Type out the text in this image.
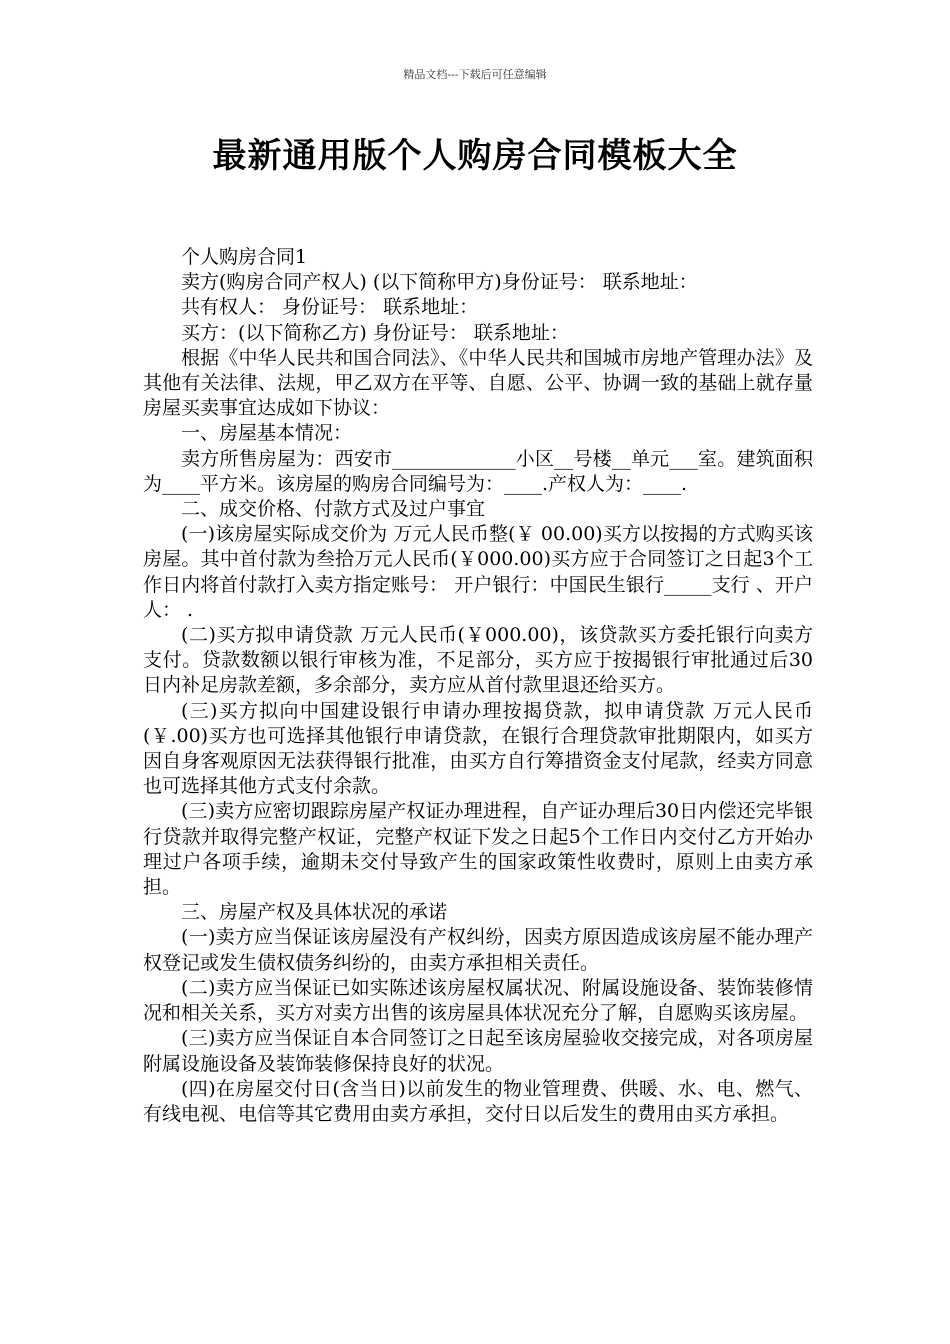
精品文档---下载后可任意编辑
最新通用版个人购房合同模板大全

个人购房合同1

卖方(购房合同产权人) (以下简称甲方)身份证号： 联系地址：

共有权人： 身份证号： 联系地址：

买方：(以下简称乙方) 身份证号： 联系地址：

根据《中华人民共和国合同法》、《中华人民共和国城市房地产管理办法》及其他有关法律、法规，甲乙双方在平等、自愿、公平、协调一致的基础上就存量房屋买卖事宜达成如下协议：

一、房屋基本情况：

卖方所售房屋为：西安市_____________小区__号楼__单元___室。建筑面积为____平方米。该房屋的购房合同编号为：____.产权人为：____.

二、成交价格、付款方式及过户事宜

(一)该房屋实际成交价为 万元人民币整(￥ 00.00)买方以按揭的方式购买该房屋。其中首付款为叁拾万元人民币(￥000.00)买方应于合同签订之日起3个工作日内将首付款打入卖方指定账号： 开户银行：中国民生银行_____支行 、开户人： .

(二)买方拟申请贷款 万元人民币(￥000.00)，该贷款买方委托银行向卖方支付。贷款数额以银行审核为准，不足部分，买方应于按揭银行审批通过后30日内补足房款差额，多余部分，卖方应从首付款里退还给买方。

(三)买方拟向中国建设银行申请办理按揭贷款，拟申请贷款 万元人民币(￥.00)买方也可选择其他银行申请贷款，在银行合理贷款审批期限内，如买方因自身客观原因无法获得银行批准，由买方自行筹措资金支付尾款，经卖方同意也可选择其他方式支付余款。

(三)卖方应密切跟踪房屋产权证办理进程，自产证办理后30日内偿还完毕银行贷款并取得完整产权证，完整产权证下发之日起5个工作日内交付乙方开始办理过户各项手续，逾期未交付导致产生的国家政策性收费时，原则上由卖方承担。

三、房屋产权及具体状况的承诺

(一)卖方应当保证该房屋没有产权纠纷，因卖方原因造成该房屋不能办理产权登记或发生债权债务纠纷的，由卖方承担相关责任。

(二)卖方应当保证已如实陈述该房屋权属状况、附属设施设备、装饰装修情况和相关关系，买方对卖方出售的该房屋具体状况充分了解，自愿购买该房屋。

(三)卖方应当保证自本合同签订之日起至该房屋验收交接完成，对各项房屋附属设施设备及装饰装修保持良好的状况。

(四)在房屋交付日(含当日)以前发生的物业管理费、供暖、水、电、燃气、有线电视、电信等其它费用由卖方承担，交付日以后发生的费用由买方承担。
